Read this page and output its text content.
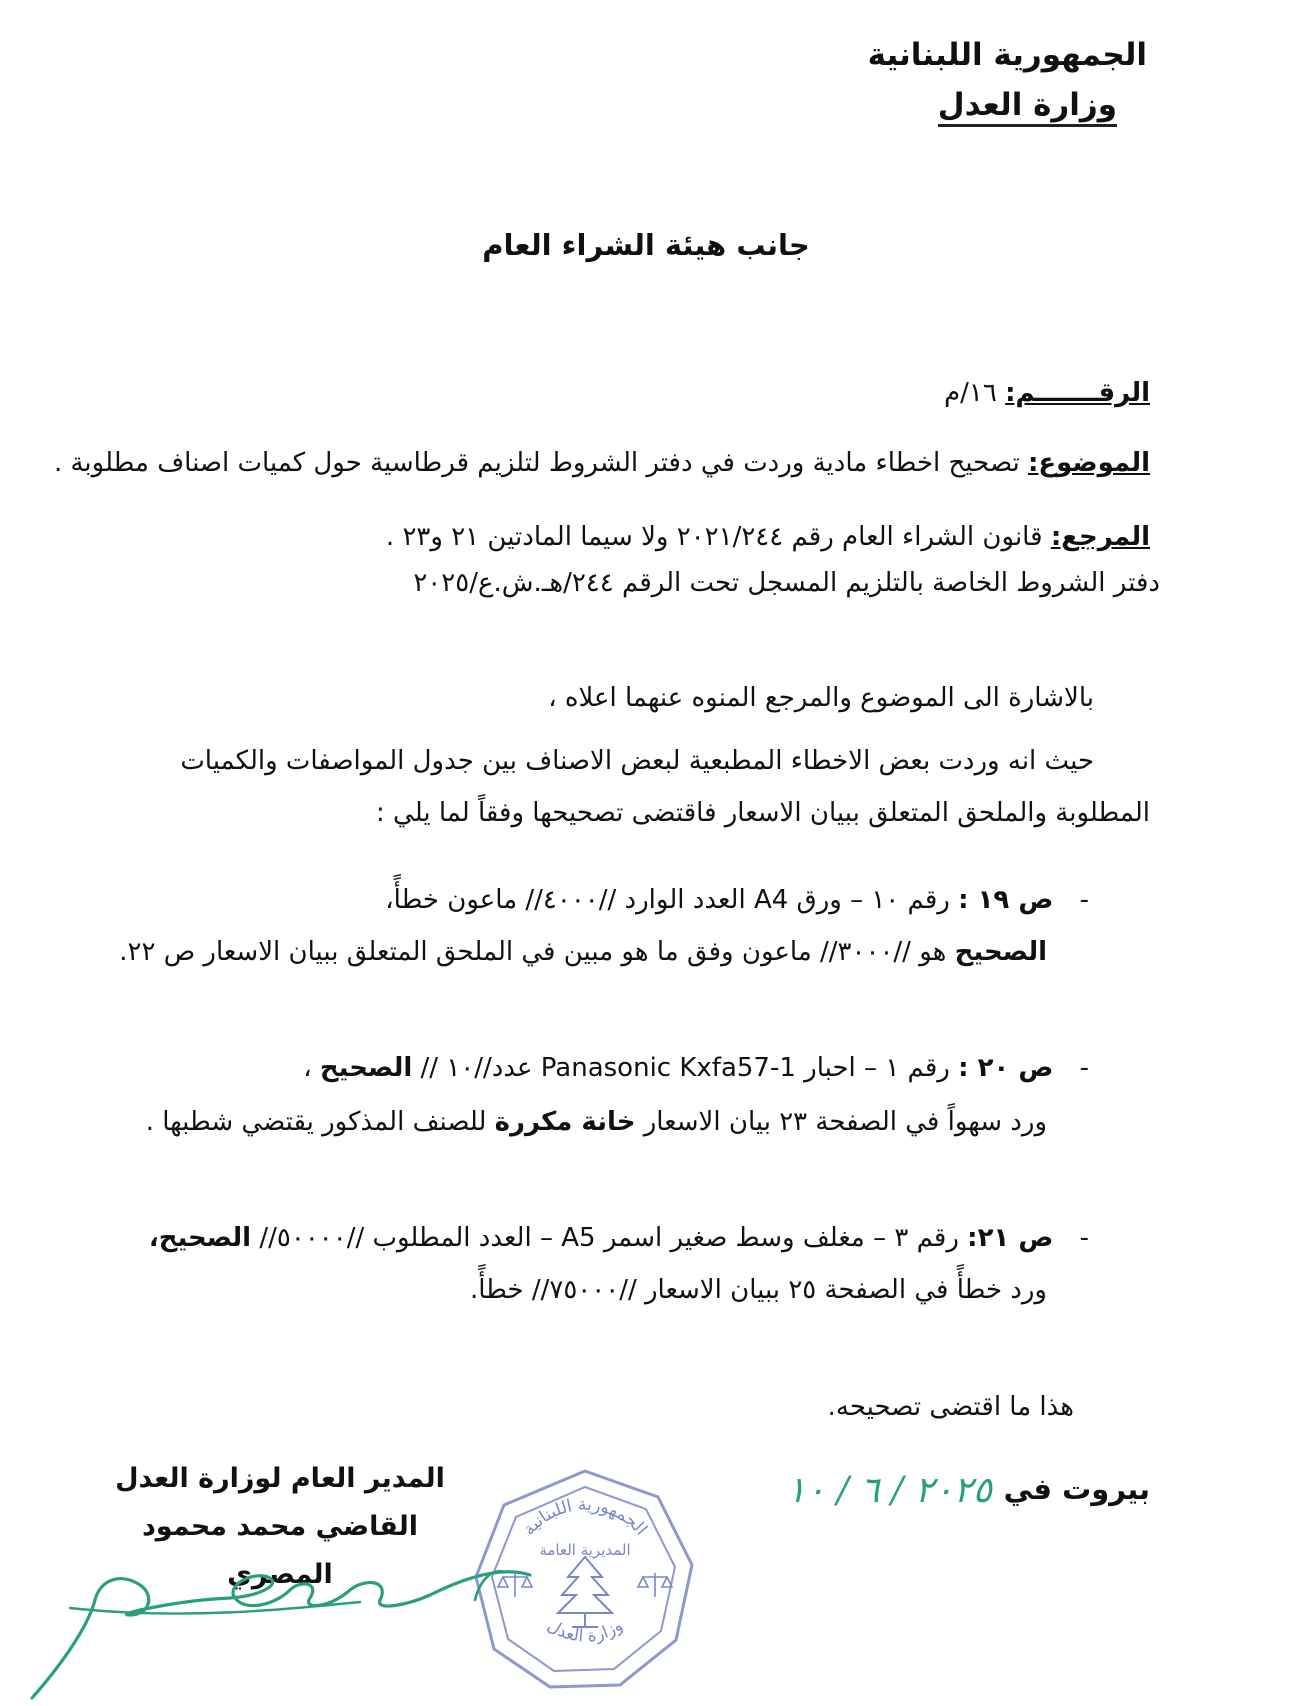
الجمهورية اللبنانية
وزارة العدل
جانب هيئة الشراء العام
الرقـــــــم: ١٦/م
الموضوع: تصحيح اخطاء مادية وردت في دفتر الشروط لتلزيم قرطاسية حول كميات اصناف مطلوبة .
المرجع: قانون الشراء العام رقم ٢٠٢١/٢٤٤ ولا سيما المادتين ٢١ و٢٣ .
دفتر الشروط الخاصة بالتلزيم المسجل تحت الرقم ٢٤٤/هـ.ش.ع/٢٠٢٥
بالاشارة الى الموضوع والمرجع المنوه عنهما اعلاه ،
حيث انه وردت بعض الاخطاء المطبعية لبعض الاصناف بين جدول المواصفات والكميات
المطلوبة والملحق المتعلق ببيان الاسعار فاقتضى تصحيحها وفقاً لما يلي :
- ص ١٩ : رقم ١٠ – ورق A4 العدد الوارد //٤٠٠٠// ماعون خطأً،
الصحيح هو //٣٠٠٠// ماعون وفق ما هو مبين في الملحق المتعلق ببيان الاسعار ص ٢٢.
- ص ٢٠ : رقم ١ – احبار Panasonic Kxfa57-1 عدد//١٠ // الصحيح ،
ورد سهواً في الصفحة ٢٣ بيان الاسعار خانة مكررة للصنف المذكور يقتضي شطبها .
- ص ٢١: رقم ٣ – مغلف وسط صغير اسمر A5 – العدد المطلوب //٥٠٠٠٠// الصحيح،
ورد خطأً في الصفحة ٢٥ ببيان الاسعار //٧٥٠٠٠// خطأً.
هذا ما اقتضى تصحيحه.
بيروت في
٢٠٢٥ / ٦ / ١٠
المدير العام لوزارة العدل
القاضي محمد محمود المصري
الجمهورية اللبنانية
المديرية العامة
وزارة العدل
